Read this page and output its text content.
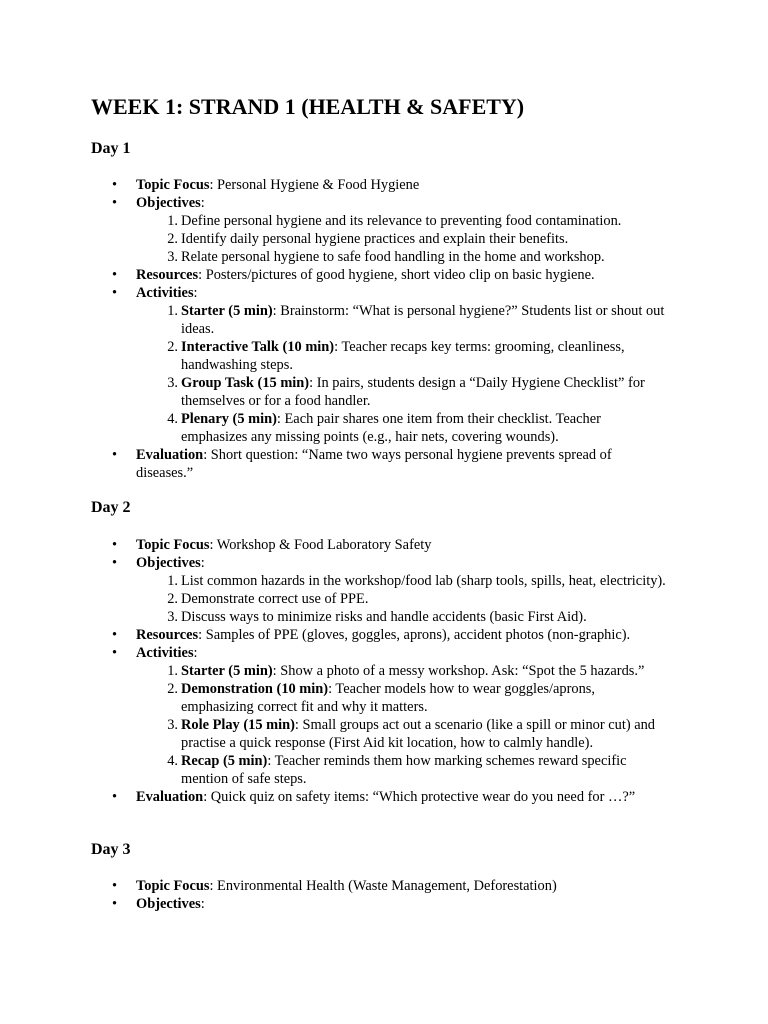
WEEK 1: STRAND 1 (HEALTH & SAFETY)
Day 1
• Topic Focus: Personal Hygiene & Food Hygiene
• Objectives:
1. Define personal hygiene and its relevance to preventing food contamination.
2. Identify daily personal hygiene practices and explain their benefits.
3. Relate personal hygiene to safe food handling in the home and workshop.
• Resources: Posters/pictures of good hygiene, short video clip on basic hygiene.
• Activities:
1. Starter (5 min): Brainstorm: “What is personal hygiene?” Students list or shout out ideas.
2. Interactive Talk (10 min): Teacher recaps key terms: grooming, cleanliness, handwashing steps.
3. Group Task (15 min): In pairs, students design a “Daily Hygiene Checklist” for themselves or for a food handler.
4. Plenary (5 min): Each pair shares one item from their checklist. Teacher emphasizes any missing points (e.g., hair nets, covering wounds).
• Evaluation: Short question: “Name two ways personal hygiene prevents spread of diseases.”
Day 2
• Topic Focus: Workshop & Food Laboratory Safety
• Objectives:
1. List common hazards in the workshop/food lab (sharp tools, spills, heat, electricity).
2. Demonstrate correct use of PPE.
3. Discuss ways to minimize risks and handle accidents (basic First Aid).
• Resources: Samples of PPE (gloves, goggles, aprons), accident photos (non-graphic).
• Activities:
1. Starter (5 min): Show a photo of a messy workshop. Ask: “Spot the 5 hazards.”
2. Demonstration (10 min): Teacher models how to wear goggles/aprons, emphasizing correct fit and why it matters.
3. Role Play (15 min): Small groups act out a scenario (like a spill or minor cut) and practise a quick response (First Aid kit location, how to calmly handle).
4. Recap (5 min): Teacher reminds them how marking schemes reward specific mention of safe steps.
• Evaluation: Quick quiz on safety items: “Which protective wear do you need for …?”
Day 3
• Topic Focus: Environmental Health (Waste Management, Deforestation)
• Objectives:
